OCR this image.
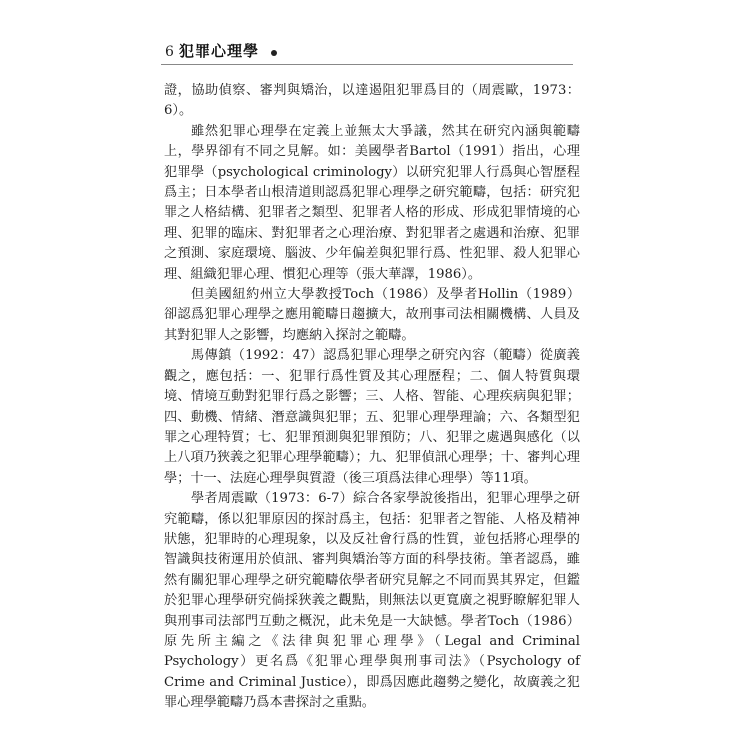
6 犯罪心理學

證，協助偵察、審判與矯治，以達遏阻犯罪爲目的（周震歐，1973：6）。

雖然犯罪心理學在定義上並無太大爭議，然其在研究內涵與範疇上，學界卻有不同之見解。如：美國學者Bartol（1991）指出，心理犯罪學（psychological criminology）以研究犯罪人行爲與心智歷程爲主；日本學者山根清道則認爲犯罪心理學之研究範疇，包括：研究犯罪之人格結構、犯罪者之類型、犯罪者人格的形成、形成犯罪情境的心理、犯罪的臨床、對犯罪者之心理治療、對犯罪者之處遇和治療、犯罪之預測、家庭環境、腦波、少年偏差與犯罪行爲、性犯罪、殺人犯罪心理、組織犯罪心理、慣犯心理等（張大華譯，1986）。

但美國紐約州立大學教授Toch（1986）及學者Hollin（1989）卻認爲犯罪心理學之應用範疇日趨擴大，故刑事司法相關機構、人員及其對犯罪人之影響，均應納入探討之範疇。

馬傳鎮（1992：47）認爲犯罪心理學之研究內容（範疇）從廣義觀之，應包括：一、犯罪行爲性質及其心理歷程；二、個人特質與環境、情境互動對犯罪行爲之影響；三、人格、智能、心理疾病與犯罪；四、動機、情緒、潛意識與犯罪；五、犯罪心理學理論；六、各類型犯罪之心理特質；七、犯罪預測與犯罪預防；八、犯罪之處遇與感化（以上八項乃狹義之犯罪心理學範疇）；九、犯罪偵訊心理學；十、審判心理學；十一、法庭心理學與質證（後三項爲法律心理學）等11項。

學者周震歐（1973：6-7）綜合各家學說後指出，犯罪心理學之研究範疇，係以犯罪原因的探討爲主，包括：犯罪者之智能、人格及精神狀態，犯罪時的心理現象，以及反社會行爲的性質，並包括將心理學的智識與技術運用於偵訊、審判與矯治等方面的科學技術。筆者認爲，雖然有關犯罪心理學之研究範疇依學者研究見解之不同而異其界定，但鑑於犯罪心理學研究倘採狹義之觀點，則無法以更寬廣之視野瞭解犯罪人與刑事司法部門互動之概況，此未免是一大缺憾。學者Toch（1986）原先所主編之《法律與犯罪心理學》（Legal and Criminal Psychology）更名爲《犯罪心理學與刑事司法》（Psychology of Crime and Criminal Justice），即爲因應此趨勢之變化，故廣義之犯罪心理學範疇乃爲本書探討之重點。
